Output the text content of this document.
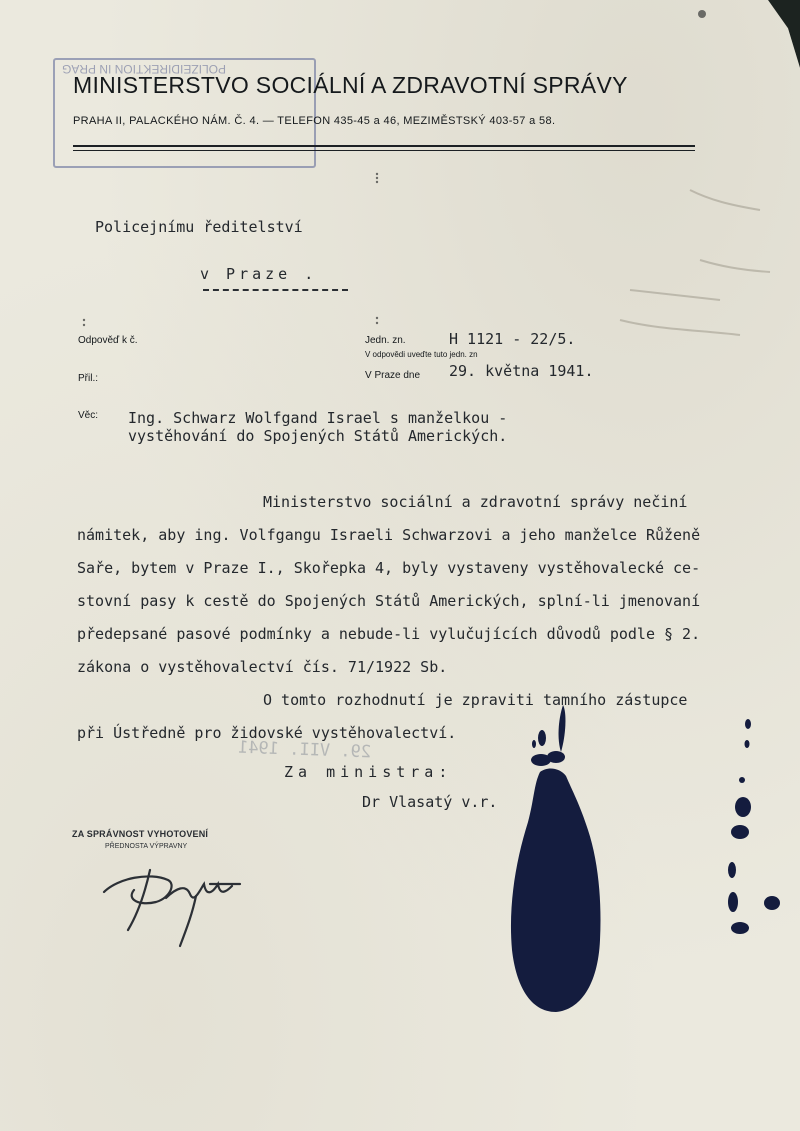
POLIZEIDIREKTION IN PRAG
MINISTERSTVO SOCIÁLNÍ A ZDRAVOTNÍ SPRÁVY
PRAHA II, PALACKÉHO NÁM. Č. 4. — TELEFON 435-45 a 46, MEZIMĚSTSKÝ 403-57 a 58.
Policejnímu ředitelství
v Praze .
Odpověď k č.
Přil.:
Jedn. zn.
V odpovědi uveďte tuto jedn. zn
V Praze dne
H 1121 - 22/5.
29. května 1941.
Věc: Ing. Schwarz Wolfgand Israel s manželkou -
vystěhování do Spojených Států Amerických.
Ministerstvo sociální a zdravotní správy nečiní
námitek, aby ing. Volfgangu Israeli Schwarzovi a jeho manželce Růženě
Saře, bytem v Praze I., Skořepka 4, byly vystaveny vystěhovalecké ce-
stovní pasy k cestě do Spojených Států Amerických, splní-li jmenovaní
předepsané pasové podmínky a nebude-li vylučujících důvodů podle § 2.
zákona o vystěhovalectví čís. 71/1922 Sb.
O tomto rozhodnutí je zpraviti tamního zástupce
při Ústředně pro židovské vystěhovalectví.
29. VII. 1941
Za ministra:
Dr Vlasatý v.r.
ZA SPRÁVNOST VYHOTOVENÍ
PŘEDNOSTA VÝPRAVNY
